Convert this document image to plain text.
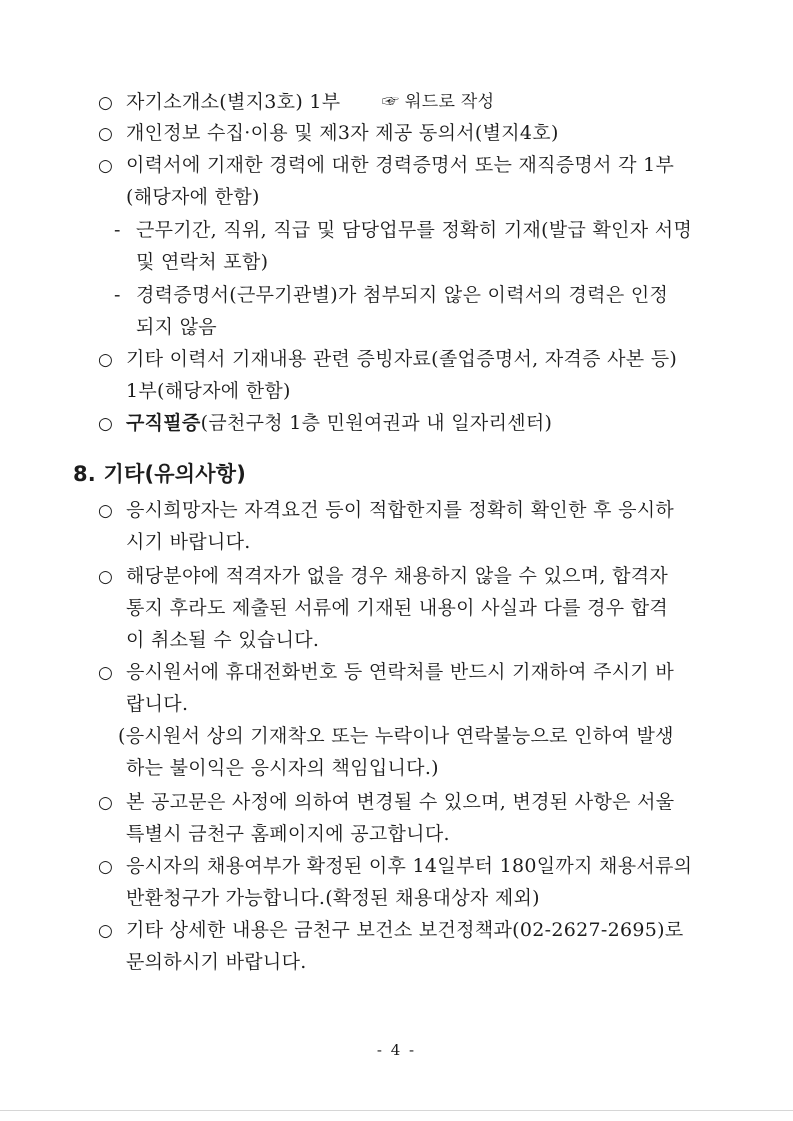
○ 자기소개소(별지3호) 1부 ☞ 워드로 작성
○ 개인정보 수집·이용 및 제3자 제공 동의서(별지4호)
○ 이력서에 기재한 경력에 대한 경력증명서 또는 재직증명서 각 1부
(해당자에 한함)
- 근무기간, 직위, 직급 및 담당업무를 정확히 기재(발급 확인자 서명
및 연락처 포함)
- 경력증명서(근무기관별)가 첨부되지 않은 이력서의 경력은 인정
되지 않음
○ 기타 이력서 기재내용 관련 증빙자료(졸업증명서, 자격증 사본 등)
1부(해당자에 한함)
○ 구직필증(금천구청 1층 민원여권과 내 일자리센터)
8. 기타(유의사항)
○ 응시희망자는 자격요건 등이 적합한지를 정확히 확인한 후 응시하
시기 바랍니다.
○ 해당분야에 적격자가 없을 경우 채용하지 않을 수 있으며, 합격자
통지 후라도 제출된 서류에 기재된 내용이 사실과 다를 경우 합격
이 취소될 수 있습니다.
○ 응시원서에 휴대전화번호 등 연락처를 반드시 기재하여 주시기 바
랍니다.
(응시원서 상의 기재착오 또는 누락이나 연락불능으로 인하여 발생
하는 불이익은 응시자의 책임입니다.)
○ 본 공고문은 사정에 의하여 변경될 수 있으며, 변경된 사항은 서울
특별시 금천구 홈페이지에 공고합니다.
○ 응시자의 채용여부가 확정된 이후 14일부터 180일까지 채용서류의
반환청구가 가능합니다.(확정된 채용대상자 제외)
○ 기타 상세한 내용은 금천구 보건소 보건정책과(02-2627-2695)로
문의하시기 바랍니다.
- 4 -
